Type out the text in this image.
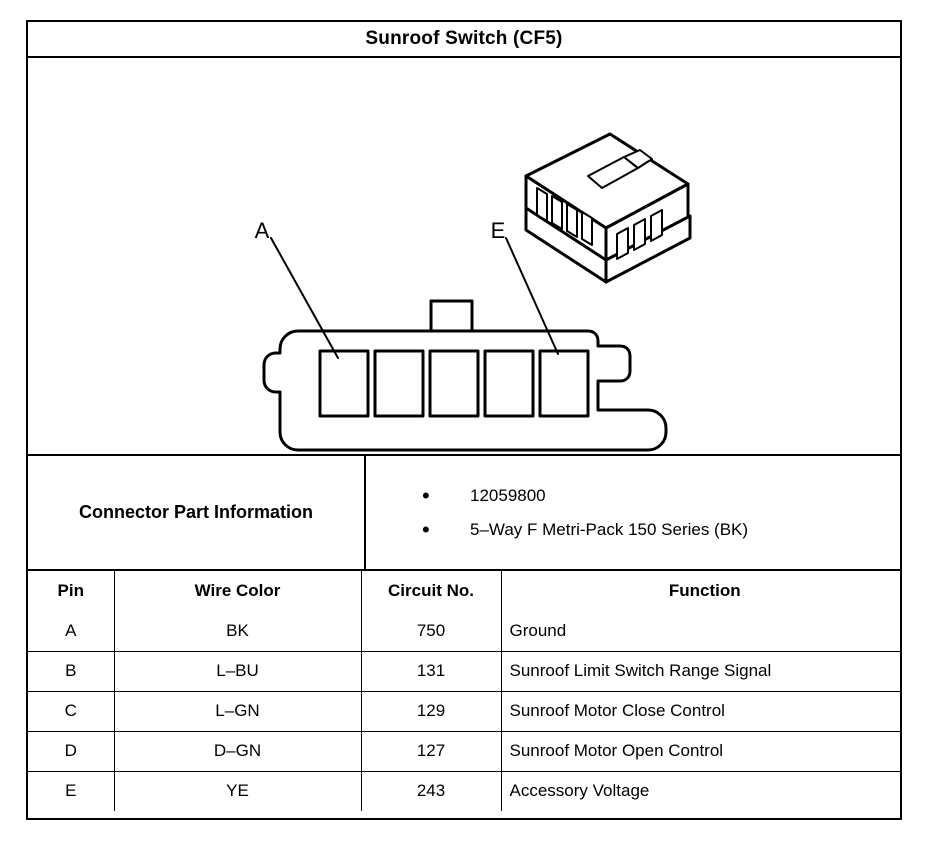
Sunroof Switch (CF5)
A	E
Connector Part Information
• 12059800
• 5–Way F Metri-Pack 150 Series (BK)
Pin	Wire Color	Circuit No.	Function
A	BK	750	Ground
B	L–BU	131	Sunroof Limit Switch Range Signal
C	L–GN	129	Sunroof Motor Close Control
D	D–GN	127	Sunroof Motor Open Control
E	YE	243	Accessory Voltage
